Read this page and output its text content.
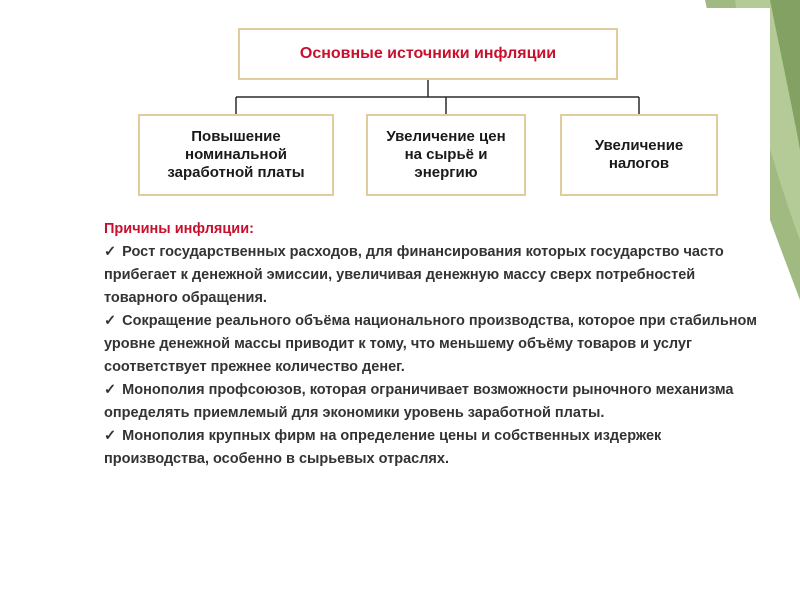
Основные источники инфляции
Повышение
номинальной
заработной платы
Увеличение цен
на сырьё и
энергию
Увеличение
налогов
Причины инфляции:
✓ Рост государственных расходов, для финансирования которых государство часто прибегает к денежной эмиссии, увеличивая денежную массу сверх потребностей товарного обращения.
✓ Сокращение реального объёма национального производства, которое при стабильном уровне денежной массы приводит к тому, что меньшему объёму товаров и услуг соответствует прежнее количество денег.
✓ Монополия профсоюзов, которая ограничивает возможности рыночного механизма определять приемлемый для экономики уровень заработной платы.
✓ Монополия крупных фирм на определение цены и собственных издержек производства, особенно в сырьевых отраслях.
